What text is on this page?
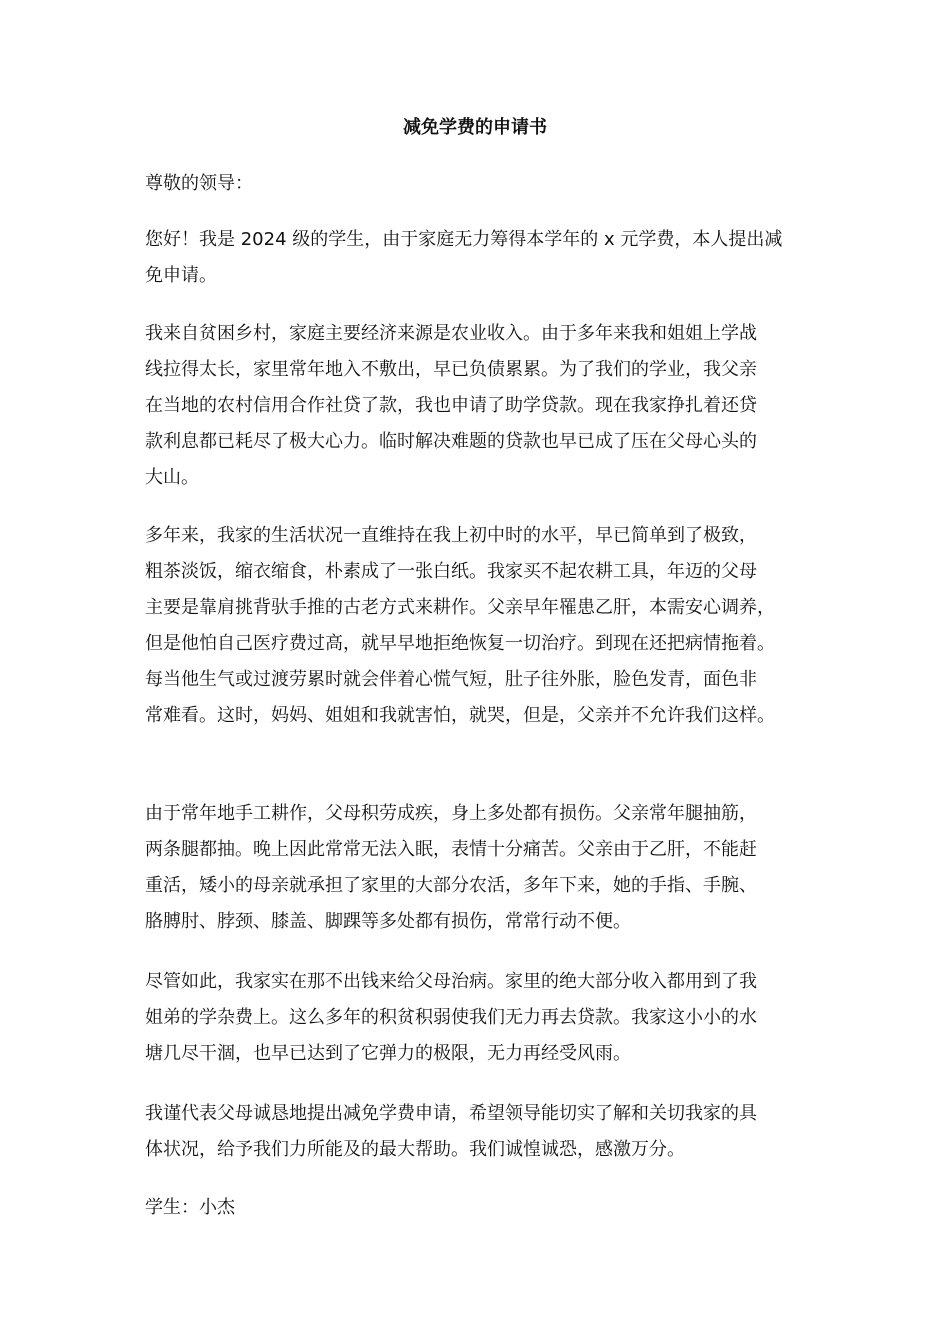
减免学费的申请书

尊敬的领导：

您好！我是 2024 级的学生，由于家庭无力筹得本学年的 x 元学费，本人提出减
免申请。

我来自贫困乡村，家庭主要经济来源是农业收入。由于多年来我和姐姐上学战
线拉得太长，家里常年地入不敷出，早已负债累累。为了我们的学业，我父亲
在当地的农村信用合作社贷了款，我也申请了助学贷款。现在我家挣扎着还贷
款利息都已耗尽了极大心力。临时解决难题的贷款也早已成了压在父母心头的
大山。

多年来，我家的生活状况一直维持在我上初中时的水平，早已简单到了极致，
粗茶淡饭，缩衣缩食，朴素成了一张白纸。我家买不起农耕工具，年迈的父母
主要是靠肩挑背驮手推的古老方式来耕作。父亲早年罹患乙肝，本需安心调养，
但是他怕自己医疗费过高，就早早地拒绝恢复一切治疗。到现在还把病情拖着。
每当他生气或过渡劳累时就会伴着心慌气短，肚子往外胀，脸色发青，面色非
常难看。这时，妈妈、姐姐和我就害怕，就哭，但是，父亲并不允许我们这样。

由于常年地手工耕作，父母积劳成疾，身上多处都有损伤。父亲常年腿抽筋，
两条腿都抽。晚上因此常常无法入眠，表情十分痛苦。父亲由于乙肝，不能赶
重活，矮小的母亲就承担了家里的大部分农活，多年下来，她的手指、手腕、
胳膊肘、脖颈、膝盖、脚踝等多处都有损伤，常常行动不便。

尽管如此，我家实在那不出钱来给父母治病。家里的绝大部分收入都用到了我
姐弟的学杂费上。这么多年的积贫积弱使我们无力再去贷款。我家这小小的水
塘几尽干涸，也早已达到了它弹力的极限，无力再经受风雨。

我谨代表父母诚恳地提出减免学费申请，希望领导能切实了解和关切我家的具
体状况，给予我们力所能及的最大帮助。我们诚惶诚恐，感激万分。

学生：小杰
